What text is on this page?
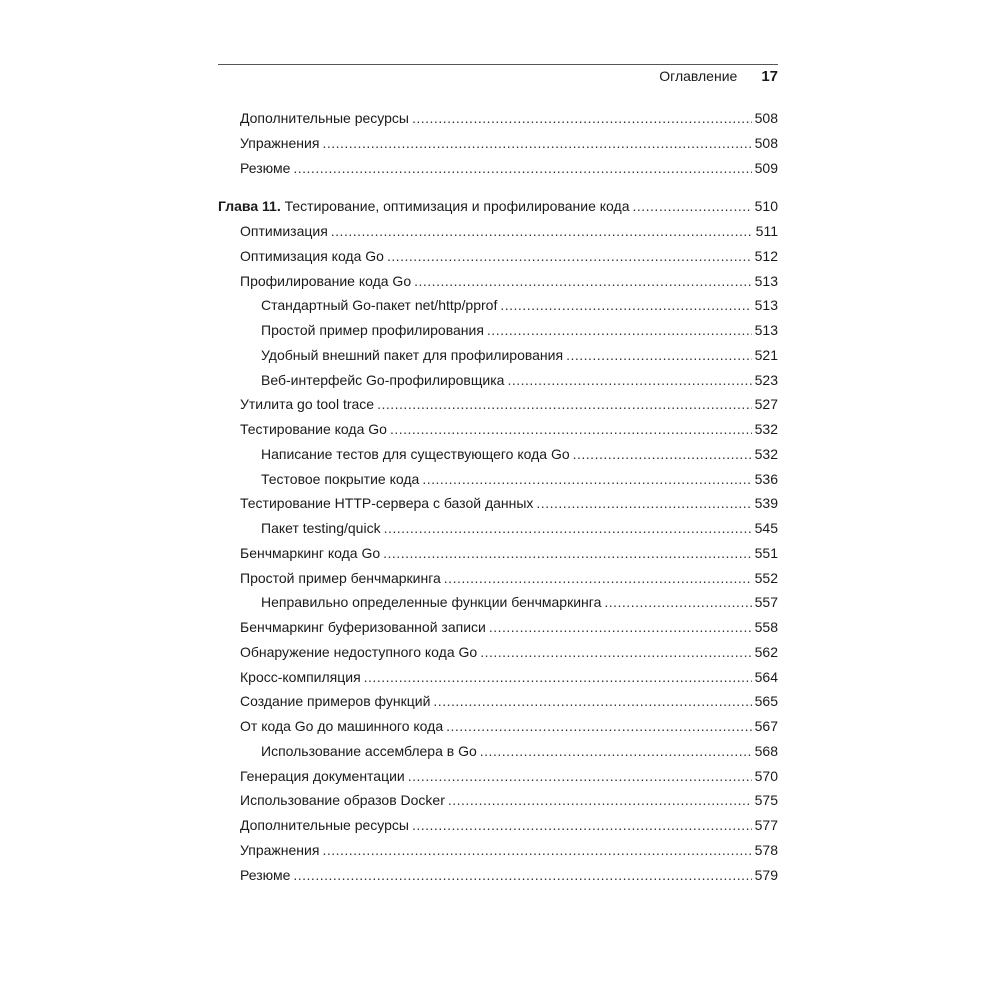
Оглавление 17
Дополнительные ресурсы .....	508
Упражнения .....	508
Резюме .....	509
Глава 11. Тестирование, оптимизация и профилирование кода .....	510
Оптимизация .....	511
Оптимизация кода Go .....	512
Профилирование кода Go .....	513
Стандартный Go-пакет net/http/pprof .....	513
Простой пример профилирования .....	513
Удобный внешний пакет для профилирования .....	521
Веб-интерфейс Go-профилировщика .....	523
Утилита go tool trace .....	527
Тестирование кода Go .....	532
Написание тестов для существующего кода Go .....	532
Тестовое покрытие кода .....	536
Тестирование HTTP-сервера с базой данных .....	539
Пакет testing/quick .....	545
Бенчмаркинг кода Go .....	551
Простой пример бенчмаркинга .....	552
Неправильно определенные функции бенчмаркинга .....	557
Бенчмаркинг буферизованной записи .....	558
Обнаружение недоступного кода Go .....	562
Кросс-компиляция .....	564
Создание примеров функций .....	565
От кода Go до машинного кода .....	567
Использование ассемблера в Go .....	568
Генерация документации .....	570
Использование образов Docker .....	575
Дополнительные ресурсы .....	577
Упражнения .....	578
Резюме .....	579
